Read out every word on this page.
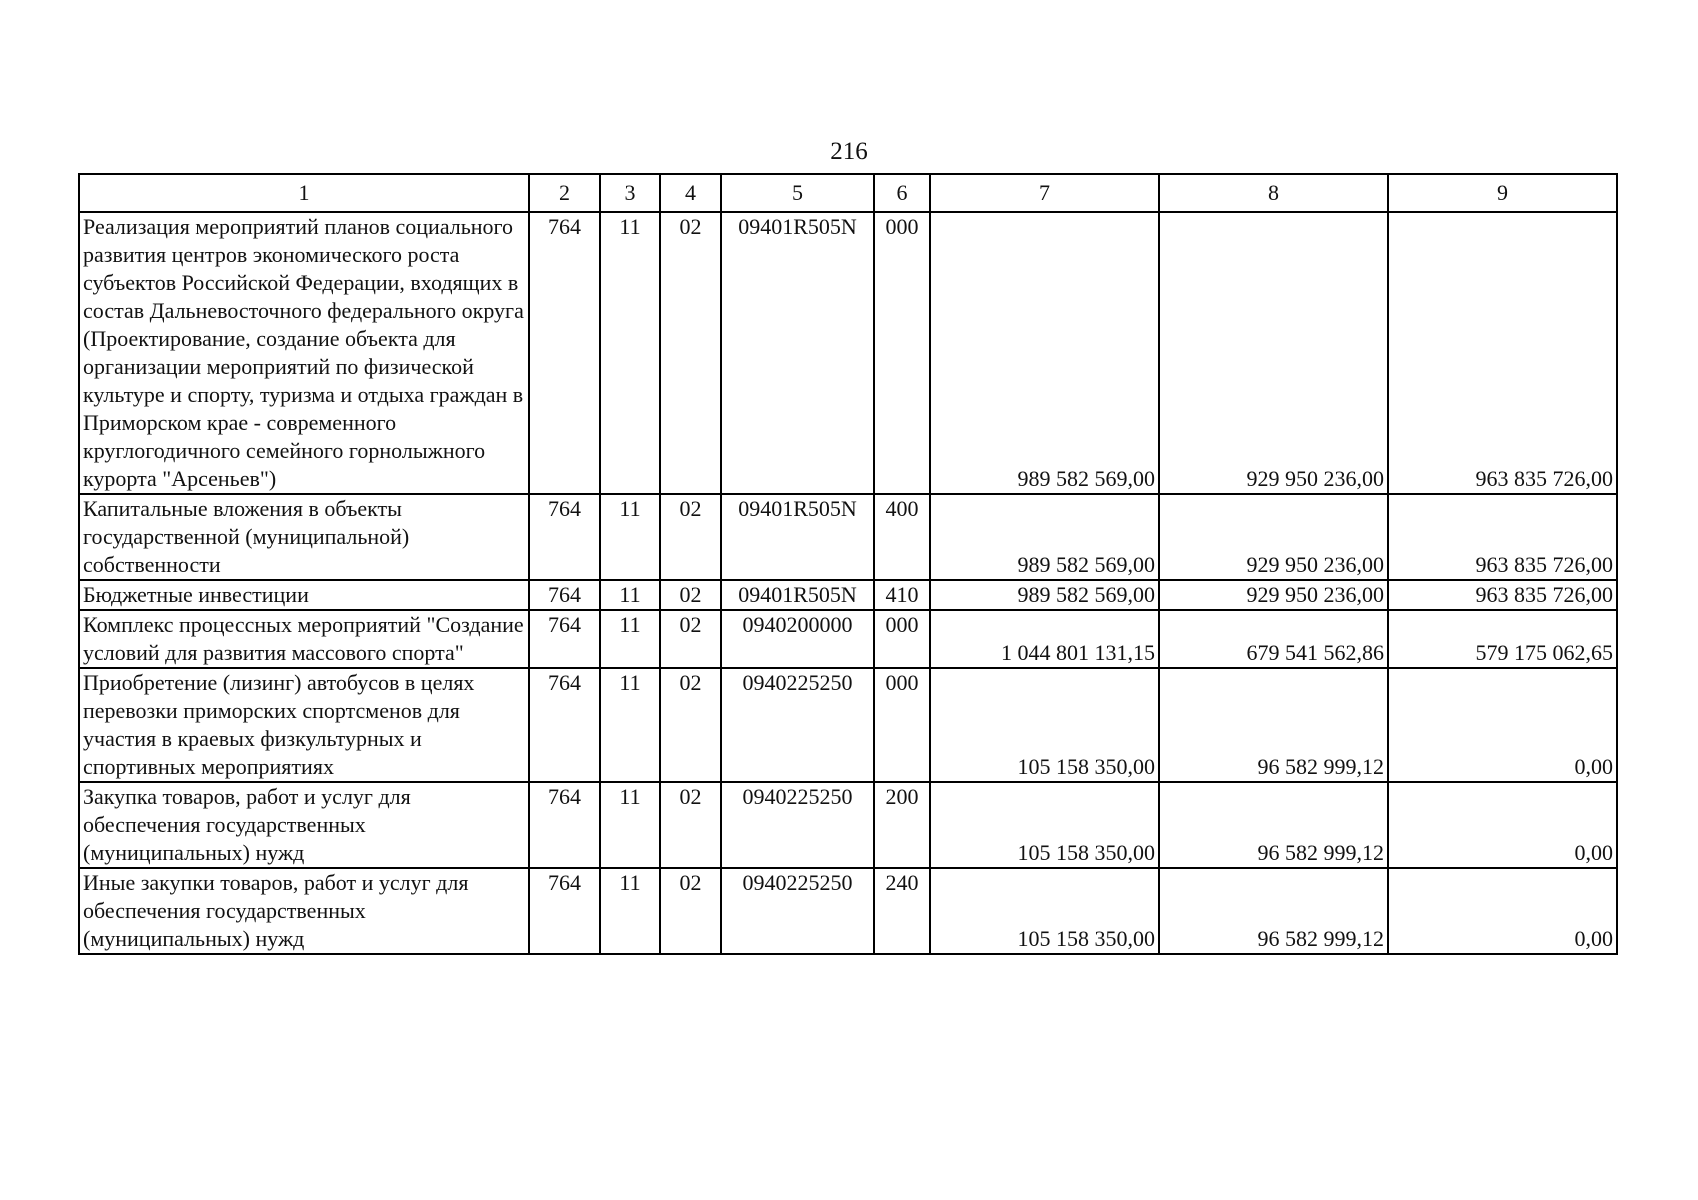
216
1	2	3	4	5	6	7	8	9
Реализация мероприятий планов социального развития центров экономического роста субъектов Российской Федерации, входящих в состав Дальневосточного федерального округа (Проектирование, создание объекта для организации мероприятий по физической культуре и спорту, туризма и отдыха граждан в Приморском крае - современного круглогодичного семейного горнолыжного курорта "Арсеньев")	764	11	02	09401R505N	000	989 582 569,00	929 950 236,00	963 835 726,00
Капитальные вложения в объекты государственной (муниципальной) собственности	764	11	02	09401R505N	400	989 582 569,00	929 950 236,00	963 835 726,00
Бюджетные инвестиции	764	11	02	09401R505N	410	989 582 569,00	929 950 236,00	963 835 726,00
Комплекс процессных мероприятий "Создание условий для развития массового спорта"	764	11	02	0940200000	000	1 044 801 131,15	679 541 562,86	579 175 062,65
Приобретение (лизинг) автобусов в целях перевозки приморских спортсменов для участия в краевых физкультурных и спортивных мероприятиях	764	11	02	0940225250	000	105 158 350,00	96 582 999,12	0,00
Закупка товаров, работ и услуг для обеспечения государственных (муниципальных) нужд	764	11	02	0940225250	200	105 158 350,00	96 582 999,12	0,00
Иные закупки товаров, работ и услуг для обеспечения государственных (муниципальных) нужд	764	11	02	0940225250	240	105 158 350,00	96 582 999,12	0,00
